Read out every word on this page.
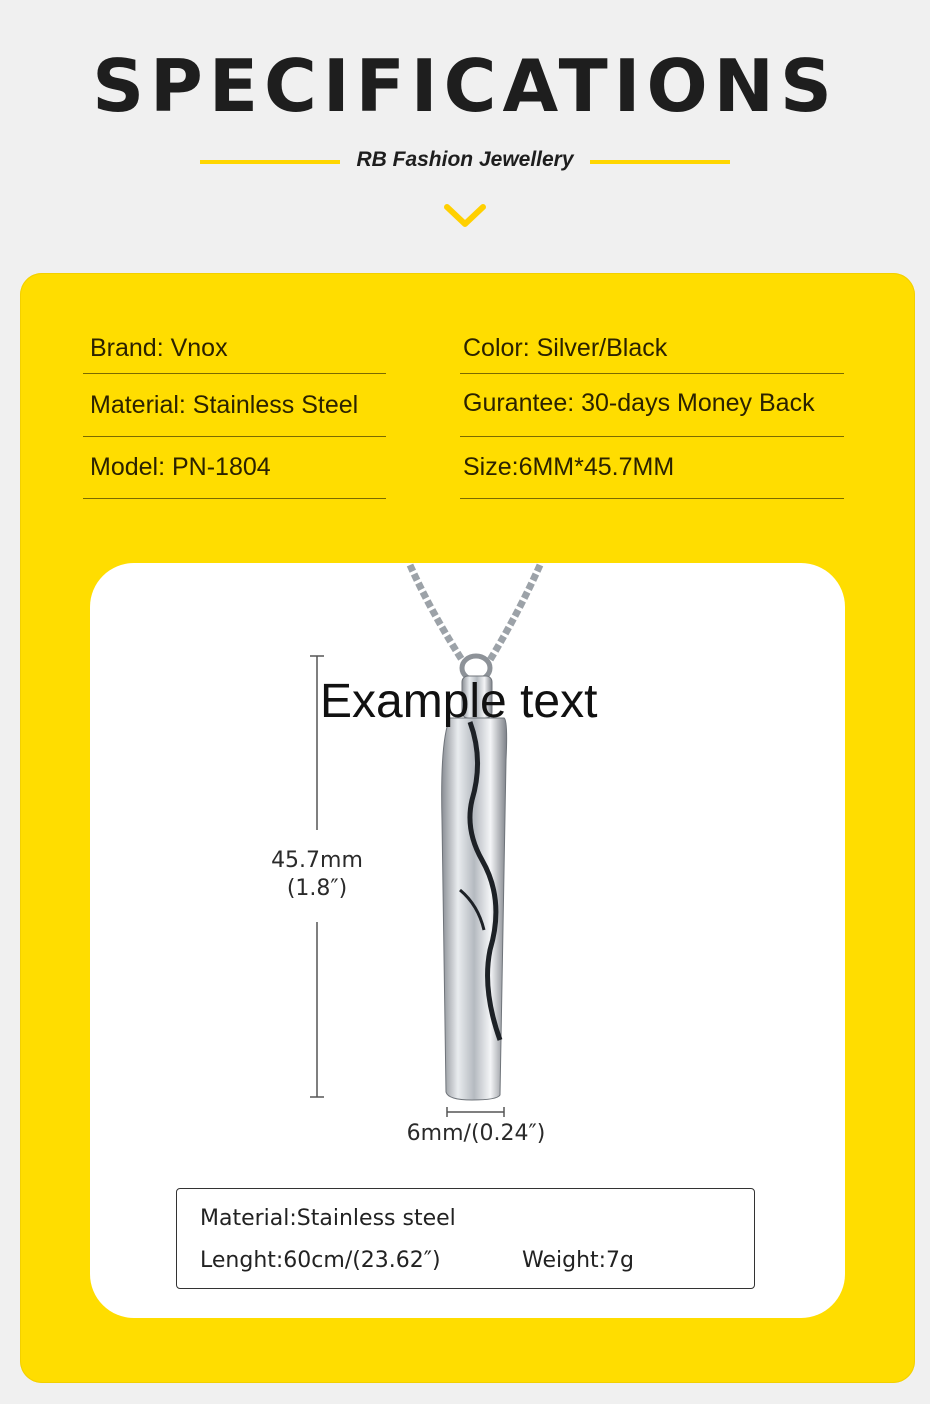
SPECIFICATIONS
RB Fashion Jewellery
Brand: Vnox
Material: Stainless Steel
Model: PN-1804
Color: Silver/Black
Gurantee: 30-days Money Back
Size:6MM*45.7MM
Example text
45.7mm
(1.8″)
6mm/(0.24″)
Material:Stainless steel
Lenght:60cm/(23.62″)	Weight:7g
